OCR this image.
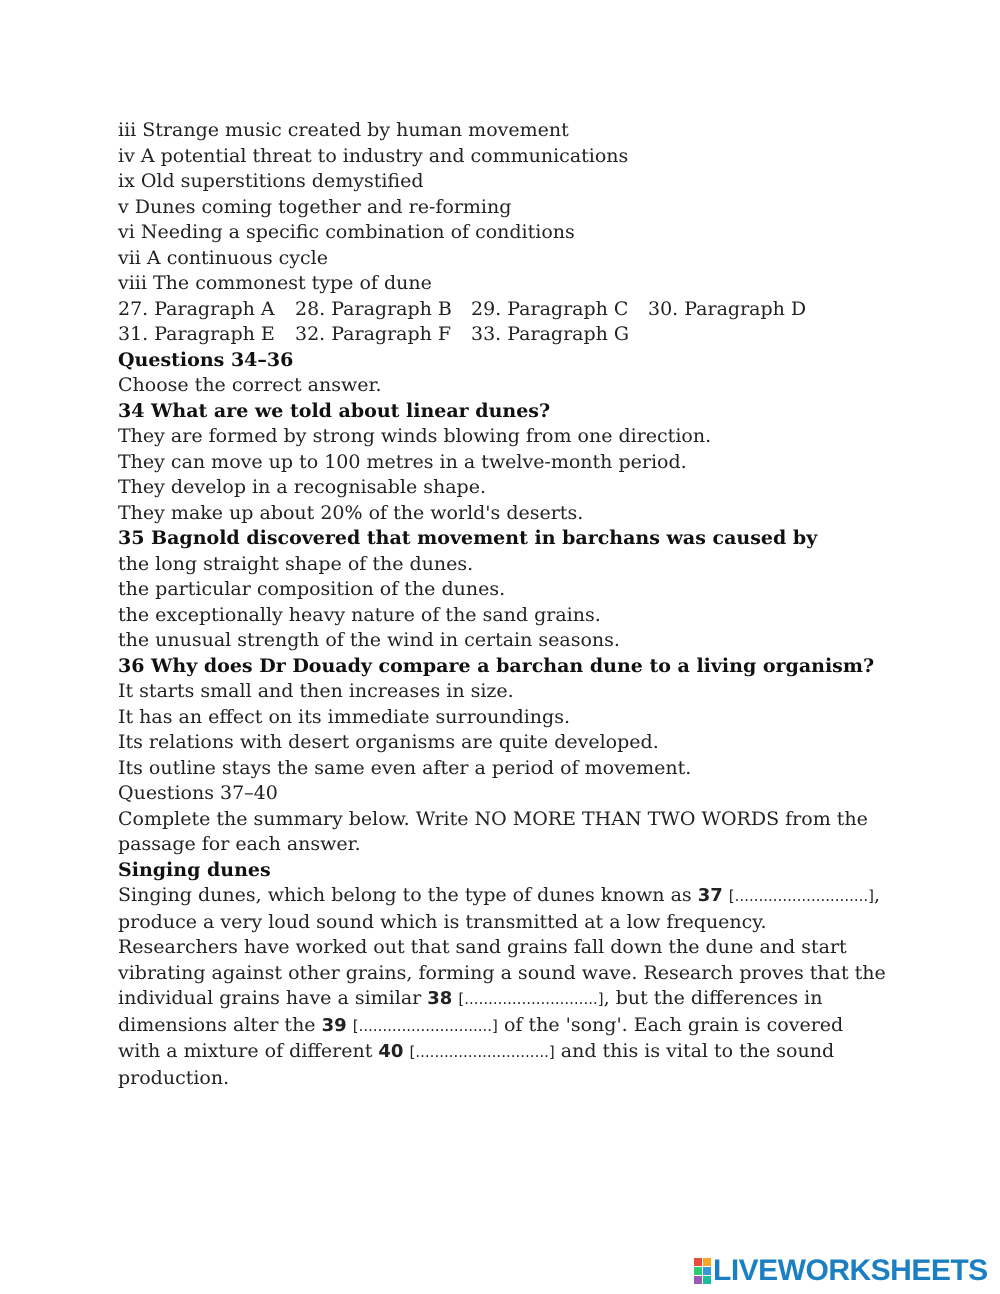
iii Strange music created by human movement
iv A potential threat to industry and communications
ix Old superstitions demystified
v Dunes coming together and re-forming
vi Needing a specific combination of conditions
vii A continuous cycle
viii The commonest type of dune
27. Paragraph A	28. Paragraph B	29. Paragraph C	30. Paragraph D
31. Paragraph E	32. Paragraph F	33. Paragraph G
Questions 34–36
Choose the correct answer.
34 What are we told about linear dunes?
They are formed by strong winds blowing from one direction.
They can move up to 100 metres in a twelve-month period.
They develop in a recognisable shape.
They make up about 20% of the world's deserts.
35 Bagnold discovered that movement in barchans was caused by
the long straight shape of the dunes.
the particular composition of the dunes.
the exceptionally heavy nature of the sand grains.
the unusual strength of the wind in certain seasons.
36 Why does Dr Douady compare a barchan dune to a living organism?
It starts small and then increases in size.
It has an effect on its immediate surroundings.
Its relations with desert organisms are quite developed.
Its outline stays the same even after a period of movement.
Questions 37–40
Complete the summary below. Write NO MORE THAN TWO WORDS from the passage for each answer.
Singing dunes
Singing dunes, which belong to the type of dunes known as 37 [............................], produce a very loud sound which is transmitted at a low frequency. Researchers have worked out that sand grains fall down the dune and start vibrating against other grains, forming a sound wave. Research proves that the individual grains have a similar 38 [............................], but the differences in dimensions alter the 39 [............................] of the 'song'. Each grain is covered with a mixture of different 40 [............................] and this is vital to the sound production.
LIVEWORKSHEETS
